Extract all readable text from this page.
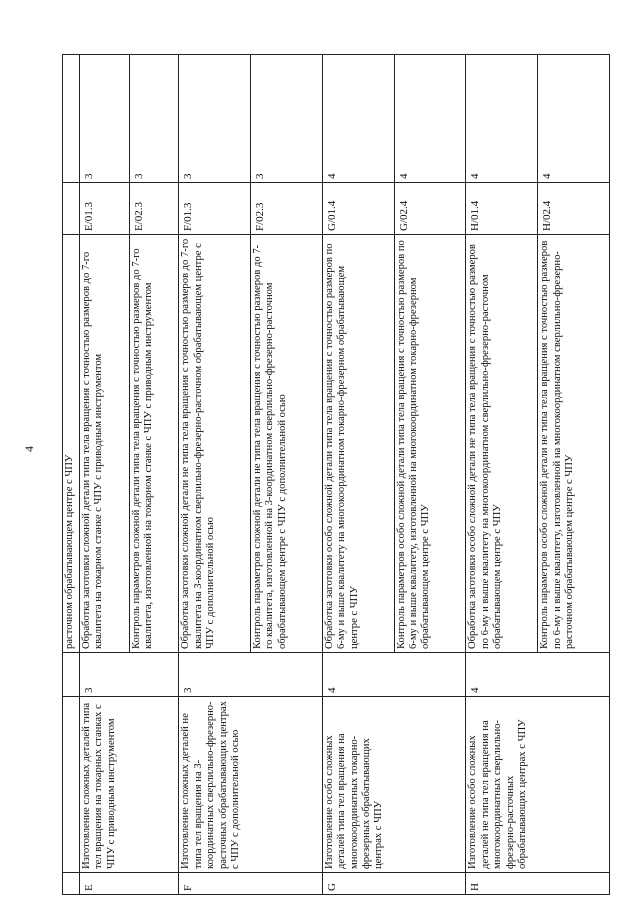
4
			расточном обрабатывающем центре с ЧПУ		
E	Изготовление сложных деталей типа тел вращения на токарных станках с ЧПУ с приводным инструментом	3	Обработка заготовки сложной детали типа тела вращения с точностью размеров до 7-го квалитета на токарном станке с ЧПУ с приводным инструментом	E/01.3	3
			Контроль параметров сложной детали типа тела вращения с точностью размеров до 7-го квалитета, изготовленной на токарном станке с ЧПУ с приводным инструментом	E/02.3	3
F	Изготовление сложных деталей не типа тел вращения на 3-координатных сверлильно-фрезерно-расточных обрабатывающих центрах с ЧПУ с дополнительной осью	3	Обработка заготовки сложной детали не типа тела вращения с точностью размеров до 7-го квалитета на 3-координатном сверлильно-фрезерно-расточном обрабатывающем центре с ЧПУ с дополнительной осью	F/01.3	3
			Контроль параметров сложной детали не типа тела вращения с точностью размеров до 7-го квалитета, изготовленной на 3-координатном сверлильно-фрезерно-расточном обрабатывающем центре с ЧПУ с дополнительной осью	F/02.3	3
G	Изготовление особо сложных деталей типа тел вращения на многокоординатных токарно-фрезерных обрабатывающих центрах с ЧПУ	4	Обработка заготовки особо сложной детали типа тела вращения с точностью размеров по 6-му и выше квалитету на многокоординатном токарно-фрезерном обрабатывающем центре с ЧПУ	G/01.4	4
			Контроль параметров особо сложной детали типа тела вращения с точностью размеров по 6-му и выше квалитету, изготовленной на многокоординатном токарно-фрезерном обрабатывающем центре с ЧПУ	G/02.4	4
H	Изготовление особо сложных деталей не типа тел вращения на многокоординатных сверлильно-фрезерно-расточных обрабатывающих центрах с ЧПУ	4	Обработка заготовки особо сложной детали не типа тела вращения с точностью размеров по 6-му и выше квалитету на многокоординатном сверлильно-фрезерно-расточном обрабатывающем центре с ЧПУ	H/01.4	4
			Контроль параметров особо сложной детали не типа тела вращения с точностью размеров по 6-му и выше квалитету, изготовленной на многокоординатном сверлильно-фрезерно-расточном обрабатывающем центре с ЧПУ	H/02.4	4
